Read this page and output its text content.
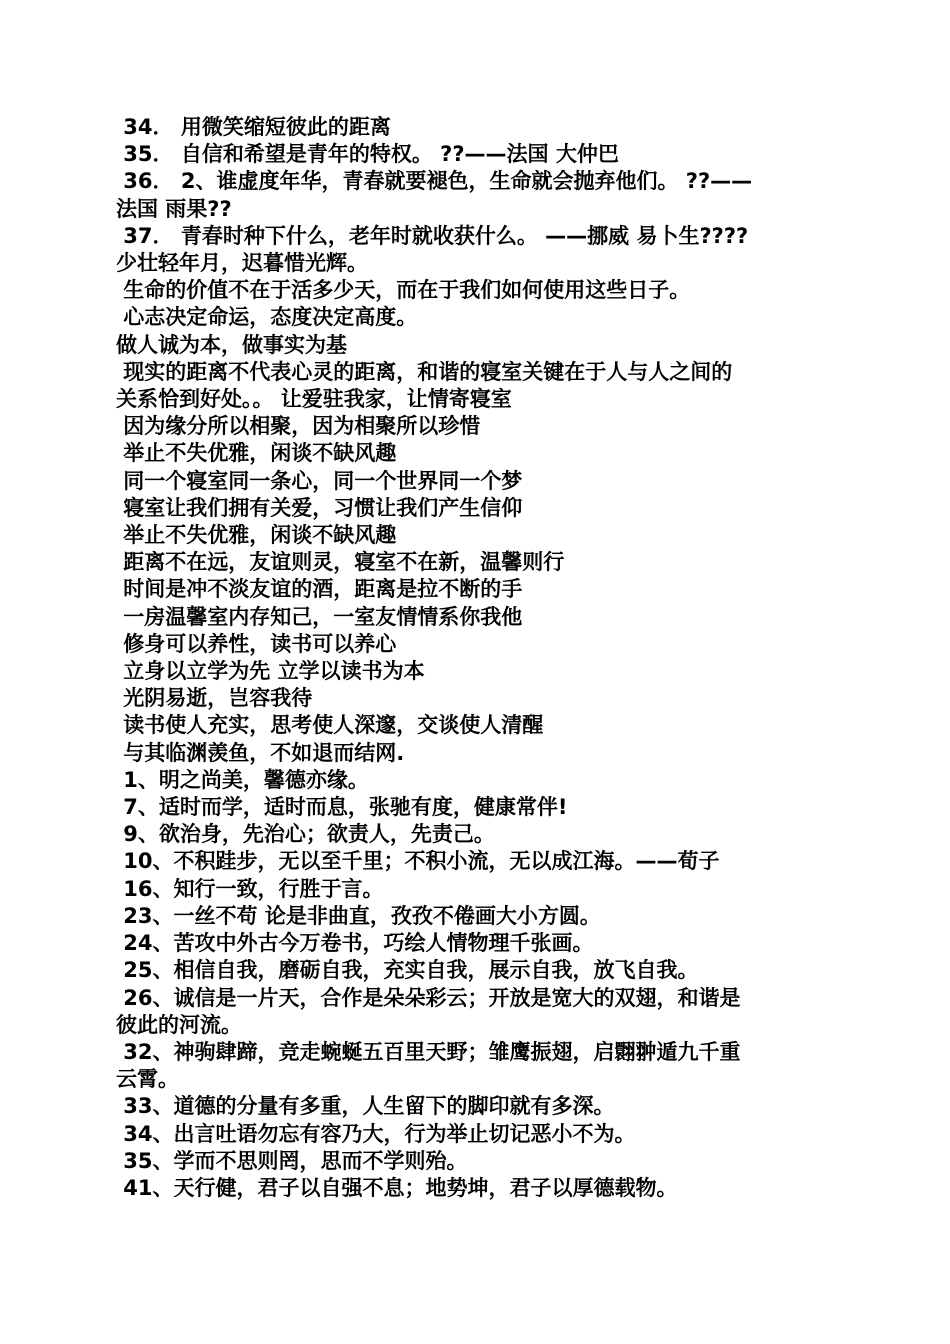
34． 用微笑缩短彼此的距离
35． 自信和希望是青年的特权。 ??——法国 大仲巴
36． 2、谁虚度年华，青春就要褪色，生命就会抛弃他们。 ??——
法国 雨果??
37． 青春时种下什么，老年时就收获什么。 ——挪威 易卜生????
少壮轻年月，迟暮惜光辉。
生命的价值不在于活多少天，而在于我们如何使用这些日子。
心志决定命运，态度决定高度。
做人诚为本，做事实为基
现实的距离不代表心灵的距离，和谐的寝室关键在于人与人之间的
关系恰到好处。。 让爱驻我家，让情寄寝室
因为缘分所以相聚，因为相聚所以珍惜
举止不失优雅，闲谈不缺风趣
同一个寝室同一条心，同一个世界同一个梦
寝室让我们拥有关爱，习惯让我们产生信仰
举止不失优雅，闲谈不缺风趣
距离不在远，友谊则灵，寝室不在新，温馨则行
时间是冲不淡友谊的酒，距离是拉不断的手
一房温馨室内存知己，一室友情情系你我他
修身可以养性，读书可以养心
立身以立学为先 立学以读书为本
光阴易逝，岂容我待
读书使人充实，思考使人深邃，交谈使人清醒
与其临渊羡鱼，不如退而结网.
1、明之尚美，馨德亦缘。
7、适时而学，适时而息，张驰有度，健康常伴!
9、欲治身，先治心；欲责人，先责己。
10、不积跬步，无以至千里；不积小流，无以成江海。——荀子
16、知行一致，行胜于言。
23、一丝不苟 论是非曲直，孜孜不倦画大小方圆。
24、苦攻中外古今万卷书，巧绘人情物理千张画。
25、相信自我，磨砺自我，充实自我，展示自我，放飞自我。
26、诚信是一片天，合作是朵朵彩云；开放是宽大的双翅，和谐是
彼此的河流。
32、神驹肆蹄，竞走蜿蜒五百里天野；雏鹰振翅，启翾翀遁九千重
云霄。
33、道德的分量有多重，人生留下的脚印就有多深。
34、出言吐语勿忘有容乃大，行为举止切记恶小不为。
35、学而不思则罔，思而不学则殆。
41、天行健，君子以自强不息；地势坤，君子以厚德载物。
